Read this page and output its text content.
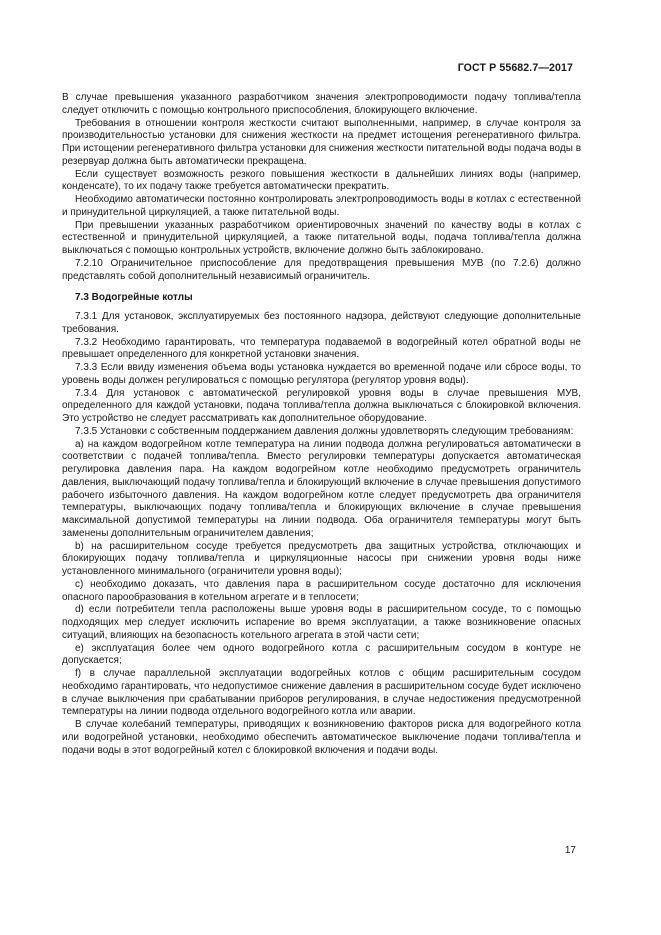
ГОСТ Р 55682.7—2017

В случае превышения указанного разработчиком значения электропроводимости подачу топлива/тепла следует отключить с помощью контрольного приспособления, блокирующего включение.

Требования в отношении контроля жесткости считают выполненными, например, в случае контроля за производительностью установки для снижения жесткости на предмет истощения регенеративного фильтра. При истощении регенеративного фильтра установки для снижения жесткости питательной воды подача воды в резервуар должна быть автоматически прекращена.

Если существует возможность резкого повышения жесткости в дальнейших линиях воды (например, конденсате), то их подачу также требуется автоматически прекратить.

Необходимо автоматически постоянно контролировать электропроводимость воды в котлах с естественной и принудительной циркуляцией, а также питательной воды.

При превышении указанных разработчиком ориентировочных значений по качеству воды в котлах с естественной и принудительной циркуляцией, а также питательной воды, подача топлива/тепла должна выключаться с помощью контрольных устройств, включение должно быть заблокировано.

7.2.10 Ограничительное приспособление для предотвращения превышения МУВ (по 7.2.6) должно представлять собой дополнительный независимый ограничитель.

7.3 Водогрейные котлы

7.3.1 Для установок, эксплуатируемых без постоянного надзора, действуют следующие дополнительные требования.

7.3.2 Необходимо гарантировать, что температура подаваемой в водогрейный котел обратной воды не превышает определенного для конкретной установки значения.

7.3.3 Если ввиду изменения объема воды установка нуждается во временной подаче или сбросе воды, то уровень воды должен регулироваться с помощью регулятора (регулятор уровня воды).

7.3.4 Для установок с автоматической регулировкой уровня воды в случае превышения МУВ, определенного для каждой установки, подача топлива/тепла должна выключаться с блокировкой включения. Это устройство не следует рассматривать как дополнительное оборудование.

7.3.5 Установки с собственным поддержанием давления должны удовлетворять следующим требованиям:

а) на каждом водогрейном котле температура на линии подвода должна регулироваться автоматически в соответствии с подачей топлива/тепла. Вместо регулировки температуры допускается автоматическая регулировка давления пара. На каждом водогрейном котле необходимо предусмотреть ограничитель давления, выключающий подачу топлива/тепла и блокирующий включение в случае превышения допустимого рабочего избыточного давления. На каждом водогрейном котле следует предусмотреть два ограничителя температуры, выключающих подачу топлива/тепла и блокирующих включение в случае превышения максимальной допустимой температуры на линии подвода. Оба ограничителя температуры могут быть заменены дополнительным ограничителем давления;

b) на расширительном сосуде требуется предусмотреть два защитных устройства, отключающих и блокирующих подачу топлива/тепла и циркуляционные насосы при снижении уровня воды ниже установленного минимального (ограничители уровня воды);

c) необходимо доказать, что давления пара в расширительном сосуде достаточно для исключения опасного парообразования в котельном агрегате и в теплосети;

d) если потребители тепла расположены выше уровня воды в расширительном сосуде, то с помощью подходящих мер следует исключить испарение во время эксплуатации, а также возникновение опасных ситуаций, влияющих на безопасность котельного агрегата в этой части сети;

e) эксплуатация более чем одного водогрейного котла с расширительным сосудом в контуре не допускается;

f) в случае параллельной эксплуатации водогрейных котлов с общим расширительным сосудом необходимо гарантировать, что недопустимое снижение давления в расширительном сосуде будет исключено в случае выключения при срабатывании приборов регулирования, в случае недостижения предусмотренной температуры на линии подвода отдельного водогрейного котла или аварии.

В случае колебаний температуры, приводящих к возникновению факторов риска для водогрейного котла или водогрейной установки, необходимо обеспечить автоматическое выключение подачи топлива/тепла и подачи воды в этот водогрейный котел с блокировкой включения и подачи воды.

17
